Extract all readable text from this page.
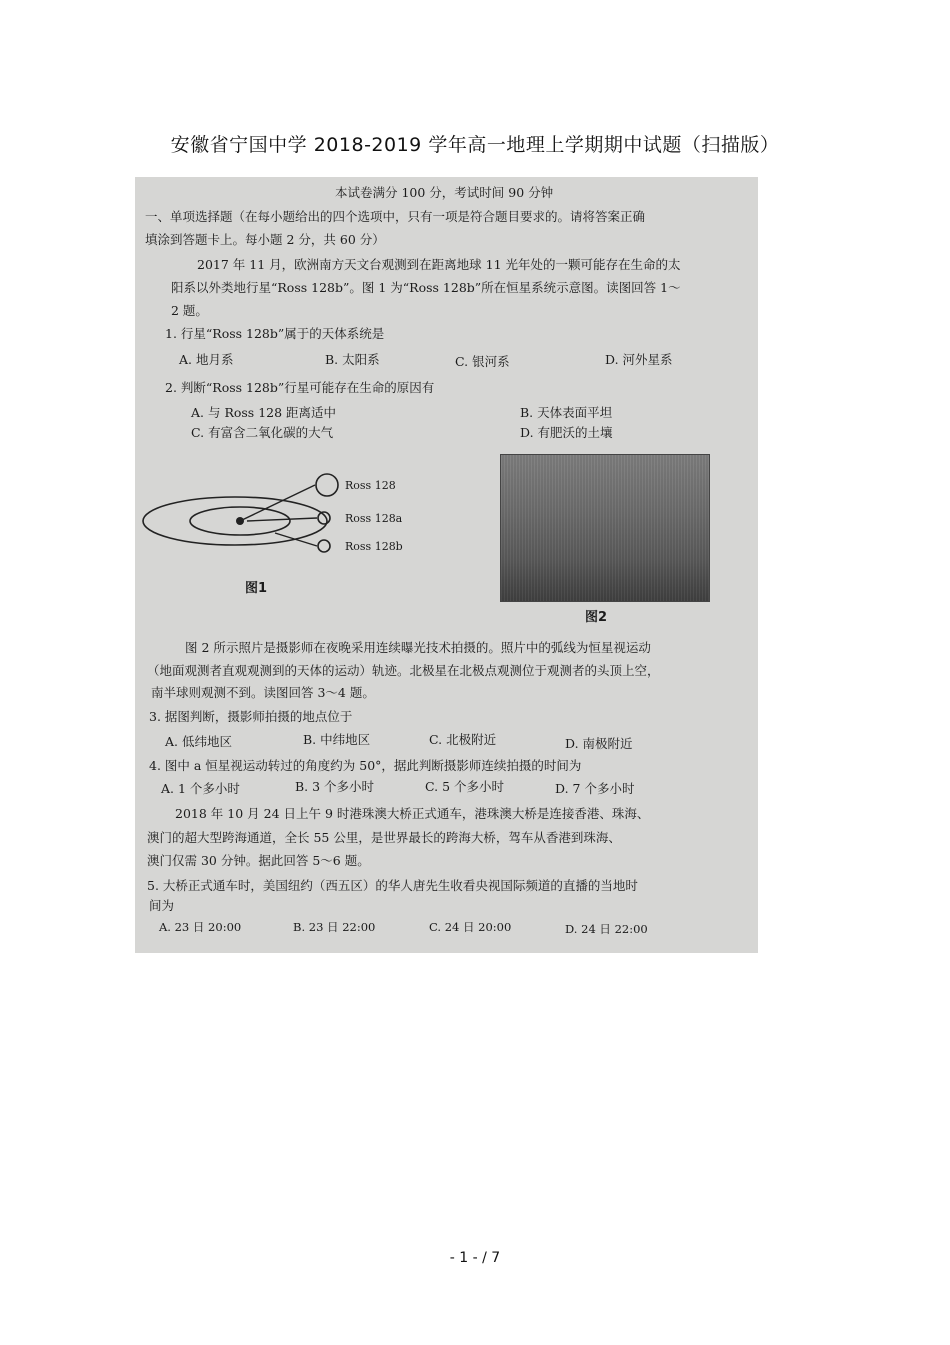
安徽省宁国中学 2018-2019 学年高一地理上学期期中试题（扫描版）
本试卷满分 100 分，考试时间 90 分钟
一、单项选择题（在每小题给出的四个选项中，只有一项是符合题目要求的。请将答案正确
填涂到答题卡上。每小题 2 分，共 60 分）
2017 年 11 月，欧洲南方天文台观测到在距离地球 11 光年处的一颗可能存在生命的太
阳系以外类地行星“Ross 128b”。图 1 为“Ross 128b”所在恒星系统示意图。读图回答 1～
2 题。
1. 行星“Ross 128b”属于的天体系统是
A. 地月系	B. 太阳系	C. 银河系	D. 河外星系
2. 判断“Ross 128b”行星可能存在生命的原因有
A. 与 Ross 128 距离适中	B. 天体表面平坦
C. 有富含二氧化碳的大气	D. 有肥沃的土壤
Ross 128
Ross 128a
Ross 128b
图1
图2
图 2 所示照片是摄影师在夜晚采用连续曝光技术拍摄的。照片中的弧线为恒星视运动
（地面观测者直观观测到的天体的运动）轨迹。北极星在北极点观测位于观测者的头顶上空，
南半球则观测不到。读图回答 3～4 题。
3. 据图判断，摄影师拍摄的地点位于
A. 低纬地区	B. 中纬地区	C. 北极附近	D. 南极附近
4. 图中 a 恒星视运动转过的角度约为 50°，据此判断摄影师连续拍摄的时间为
A. 1 个多小时	B. 3 个多小时	C. 5 个多小时	D. 7 个多小时
2018 年 10 月 24 日上午 9 时港珠澳大桥正式通车，港珠澳大桥是连接香港、珠海、
澳门的超大型跨海通道，全长 55 公里，是世界最长的跨海大桥，驾车从香港到珠海、
澳门仅需 30 分钟。据此回答 5～6 题。
5. 大桥正式通车时，美国纽约（西五区）的华人唐先生收看央视国际频道的直播的当地时
间为
A. 23 日 20:00	B. 23 日 22:00	C. 24 日 20:00	D. 24 日 22:00
- 1 - / 7
